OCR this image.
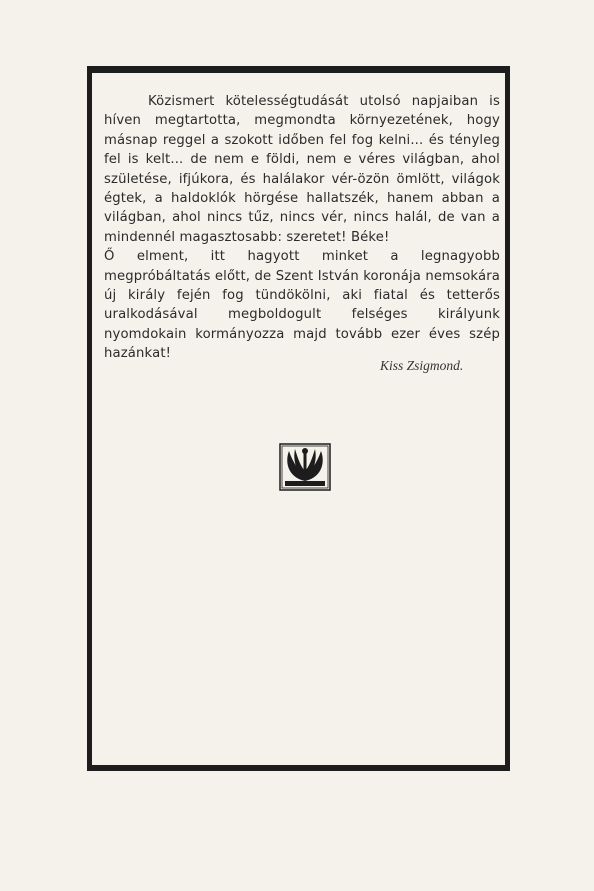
Közismert kötelességtudását utolsó napjaiban is híven megtartotta, megmondta környezetének, hogy másnap reggel a szokott időben fel fog kelni... és tényleg fel is kelt... de nem e földi, nem e véres világban, ahol születése, ifjúkora, és halálakor vér-özön ömlött, világok égtek, a haldoklók hörgése hallatszék, hanem abban a világban, ahol nincs tűz, nincs vér, nincs halál, de van a mindennél magasztosabb: szeretet! Béke!

Ő elment, itt hagyott minket a legnagyobb megpróbáltatás előtt, de Szent István koronája nemsokára új király fején fog tündökölni, aki fiatal és tetterős uralkodásával megboldogult felséges királyunk nyomdokain kormányozza majd tovább ezer éves szép hazánkat!

Kiss Zsigmond.
